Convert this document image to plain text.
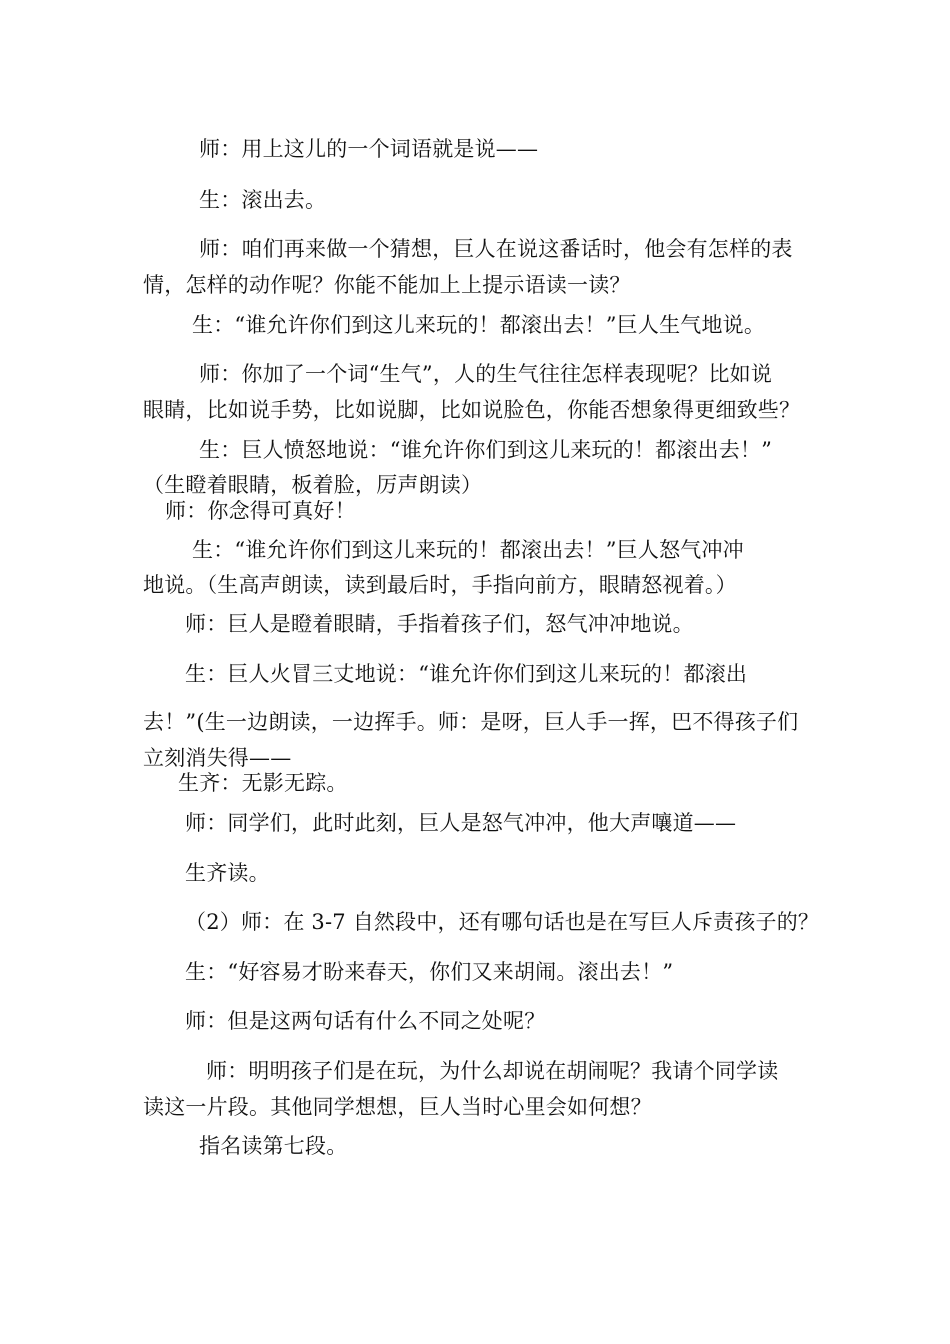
师：用上这儿的一个词语就是说——
生：滚出去。
师：咱们再来做一个猜想，巨人在说这番话时，他会有怎样的表
情，怎样的动作呢？你能不能加上上提示语读一读？
生：“谁允许你们到这儿来玩的！都滚出去！”巨人生气地说。
师：你加了一个词“生气”，人的生气往往怎样表现呢？比如说
眼睛，比如说手势，比如说脚，比如说脸色，你能否想象得更细致些？
生：巨人愤怒地说：“谁允许你们到这儿来玩的！都滚出去！”
（生瞪着眼睛，板着脸，厉声朗读）
师：你念得可真好！
生：“谁允许你们到这儿来玩的！都滚出去！”巨人怒气冲冲
地说。（生高声朗读，读到最后时，手指向前方，眼睛怒视着。）
师：巨人是瞪着眼睛，手指着孩子们，怒气冲冲地说。
生：巨人火冒三丈地说：“谁允许你们到这儿来玩的！都滚出
去！”(生一边朗读，一边挥手。师：是呀，巨人手一挥，巴不得孩子们
立刻消失得——
生齐：无影无踪。
师：同学们，此时此刻，巨人是怒气冲冲，他大声嚷道——
生齐读。
（2）师：在 3-7 自然段中，还有哪句话也是在写巨人斥责孩子的？
生：“好容易才盼来春天，你们又来胡闹。滚出去！”
师：但是这两句话有什么不同之处呢？
师：明明孩子们是在玩，为什么却说在胡闹呢？我请个同学读
读这一片段。其他同学想想，巨人当时心里会如何想？
指名读第七段。
